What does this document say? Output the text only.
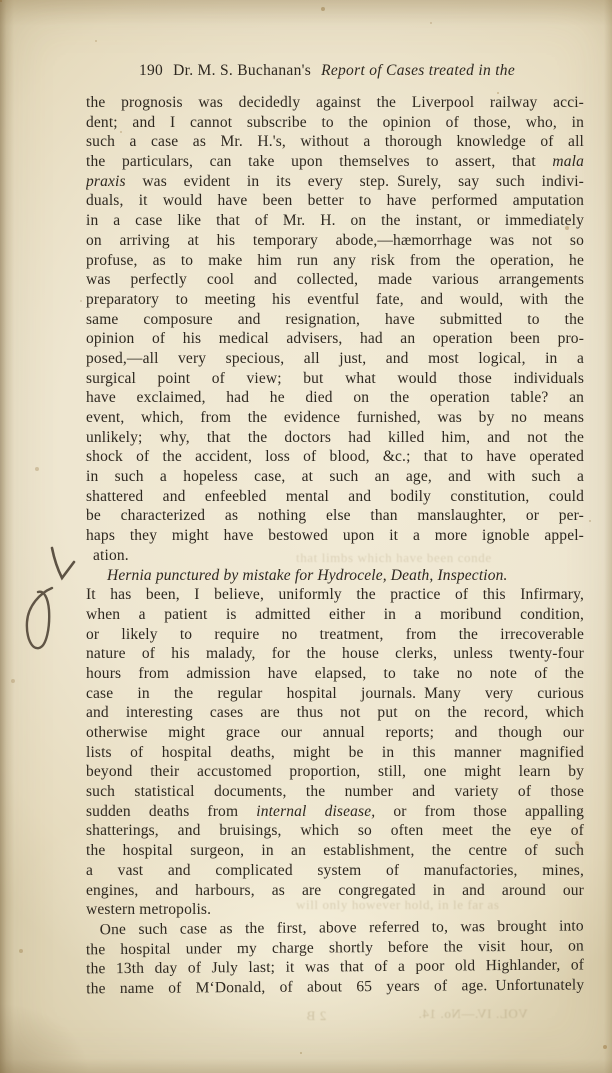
190 Dr. M. S. Buchanan's Report of Cases treated in the
the prognosis was decidedly against the Liverpool railway acci-
dent; and I cannot subscribe to the opinion of those, who, in
such a case as Mr. H.'s, without a thorough knowledge of all
the particulars, can take upon themselves to assert, that mala
praxis was evident in its every step. Surely, say such indivi-
duals, it would have been better to have performed amputation
in a case like that of Mr. H. on the instant, or immediately
on arriving at his temporary abode,—hæmorrhage was not so
profuse, as to make him run any risk from the operation, he
was perfectly cool and collected, made various arrangements
preparatory to meeting his eventful fate, and would, with the
same composure and resignation, have submitted to the
opinion of his medical advisers, had an operation been pro-
posed,—all very specious, all just, and most logical, in a
surgical point of view; but what would those individuals
have exclaimed, had he died on the operation table? an
event, which, from the evidence furnished, was by no means
unlikely; why, that the doctors had killed him, and not the
shock of the accident, loss of blood, &c.; that to have operated
in such a hopeless case, at such an age, and with such a
shattered and enfeebled mental and bodily constitution, could
be characterized as nothing else than manslaughter, or per-
haps they might have bestowed upon it a more ignoble appel-
ation.
Hernia punctured by mistake for Hydrocele, Death, Inspection.
It has been, I believe, uniformly the practice of this Infirmary,
when a patient is admitted either in a moribund condition,
or likely to require no treatment, from the irrecoverable
nature of his malady, for the house clerks, unless twenty-four
hours from admission have elapsed, to take no note of the
case in the regular hospital journals. Many very curious
and interesting cases are thus not put on the record, which
otherwise might grace our annual reports; and though our
lists of hospital deaths, might be in this manner magnified
beyond their accustomed proportion, still, one might learn by
such statistical documents, the number and variety of those
sudden deaths from internal disease, or from those appalling
shatterings, and bruisings, which so often meet the eye of
the hospital surgeon, in an establishment, the centre of such
a vast and complicated system of manufactories, mines,
engines, and harbours, as are congregated in and around our
western metropolis.
One such case as the first, above referred to, was brought into
the hospital under my charge shortly before the visit hour, on
the 13th day of July last; it was that of a poor old Highlander, of
the name of M‘Donald, of about 65 years of age. Unfortunately
that limbs which have been conde
will only however hold, in le far as
VOL. IV.—No. 14.
2 B
